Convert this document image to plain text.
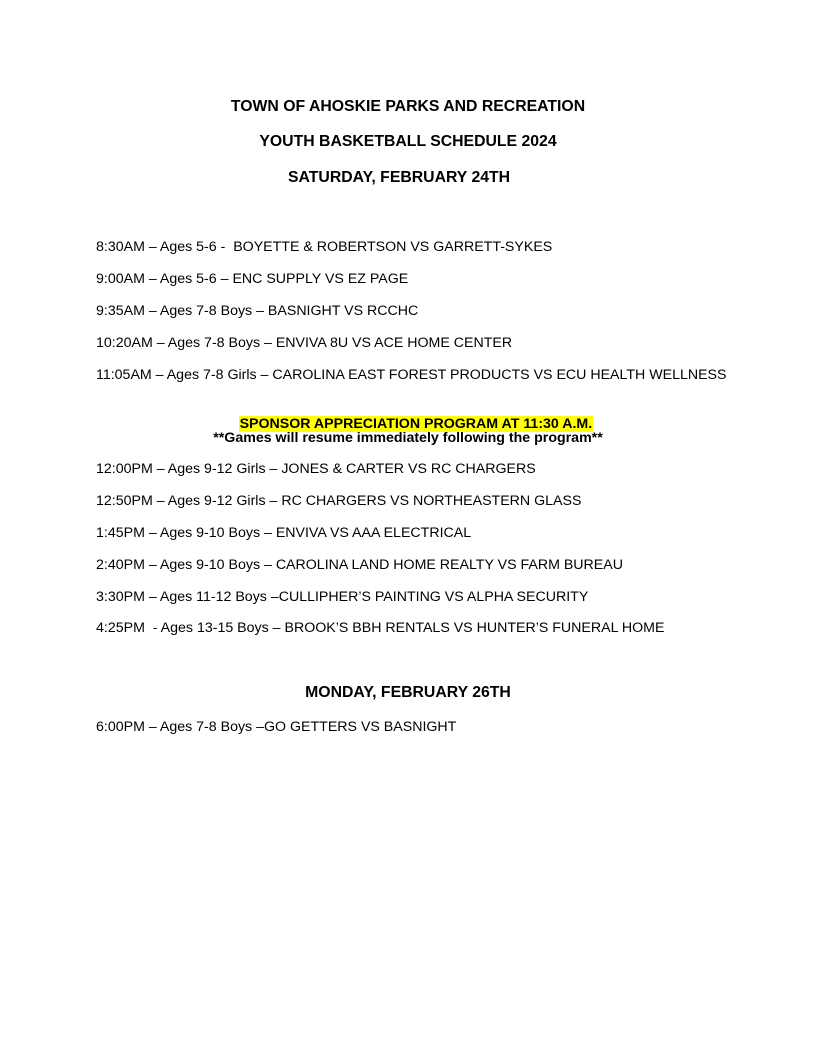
TOWN OF AHOSKIE PARKS AND RECREATION
YOUTH BASKETBALL SCHEDULE 2024
SATURDAY, FEBRUARY 24TH
8:30AM – Ages 5-6 -  BOYETTE & ROBERTSON VS GARRETT-SYKES
9:00AM – Ages 5-6 – ENC SUPPLY VS EZ PAGE
9:35AM – Ages 7-8 Boys – BASNIGHT VS RCCHC
10:20AM – Ages 7-8 Boys – ENVIVA 8U VS ACE HOME CENTER
11:05AM – Ages 7-8 Girls – CAROLINA EAST FOREST PRODUCTS VS ECU HEALTH WELLNESS

SPONSOR APPRECIATION PROGRAM AT 11:30 A.M.

**Games will resume immediately following the program**
12:00PM – Ages 9-12 Girls – JONES & CARTER VS RC CHARGERS
12:50PM – Ages 9-12 Girls – RC CHARGERS VS NORTHEASTERN GLASS
1:45PM – Ages 9-10 Boys – ENVIVA VS AAA ELECTRICAL
2:40PM – Ages 9-10 Boys – CAROLINA LAND HOME REALTY VS FARM BUREAU
3:30PM – Ages 11-12 Boys –CULLIPHER’S PAINTING VS ALPHA SECURITY
4:25PM  - Ages 13-15 Boys – BROOK’S BBH RENTALS VS HUNTER’S FUNERAL HOME
MONDAY, FEBRUARY 26TH
6:00PM – Ages 7-8 Boys –GO GETTERS VS BASNIGHT
